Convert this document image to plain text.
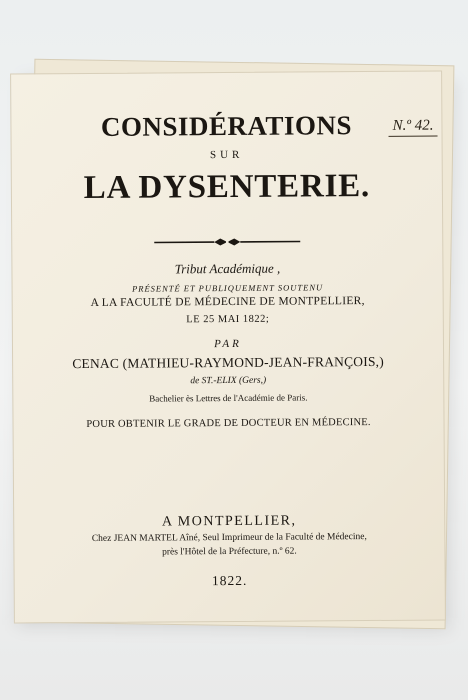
N.º 42.
CONSIDÉRATIONS
SUR
LA DYSENTERIE.
Tribut Académique ,
PRÉSENTÉ ET PUBLIQUEMENT SOUTENU
A LA FACULTÉ DE MÉDECINE DE MONTPELLIER,
LE 25 MAI 1822;
PAR
CENAC (MATHIEU-RAYMOND-JEAN-FRANÇOIS,)
de ST.-ELIX (Gers,)
Bachelier ès Lettres de l'Académie de Paris.
POUR OBTENIR LE GRADE DE DOCTEUR EN MÉDECINE.
A MONTPELLIER,
Chez JEAN MARTEL Aîné, Seul Imprimeur de la Faculté de Médecine,
près l'Hôtel de la Préfecture, n.º 62.
1822.
